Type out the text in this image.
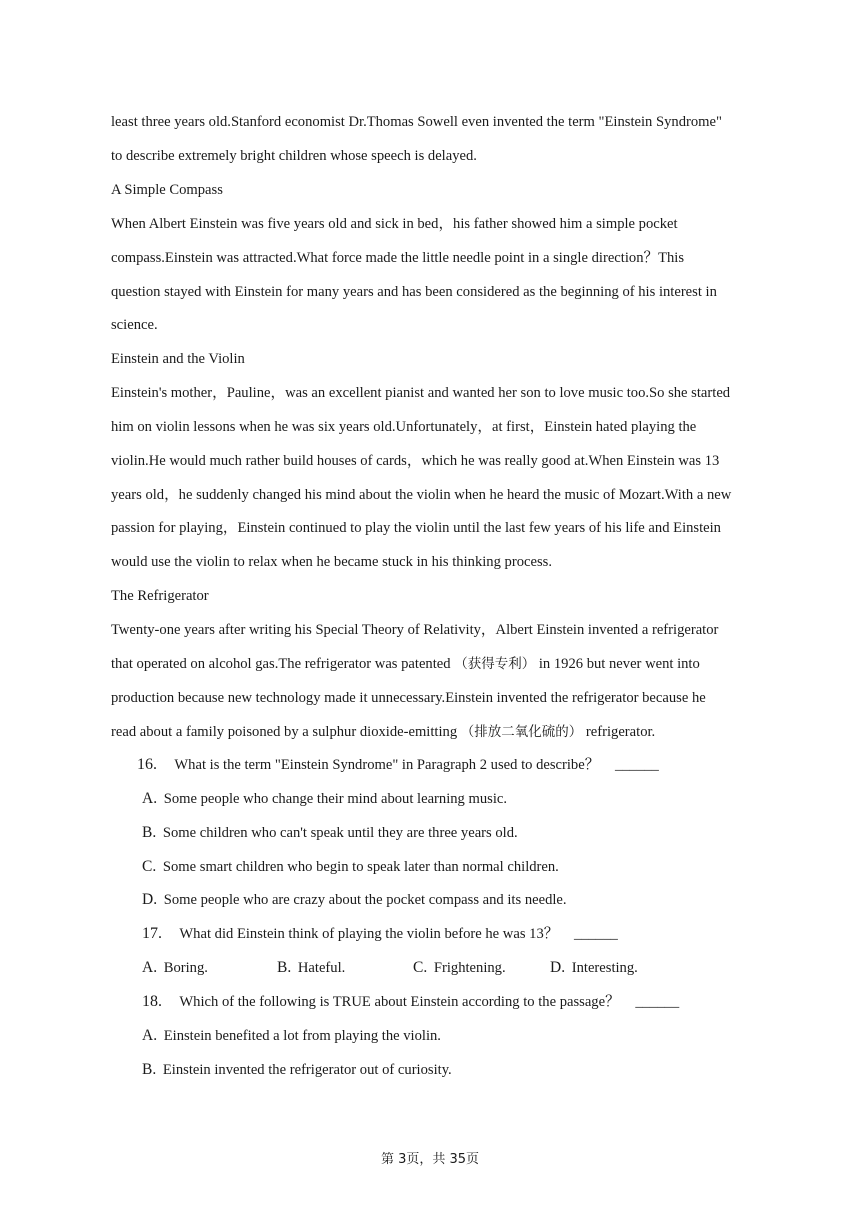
least three years old.Stanford economist Dr.Thomas Sowell even invented the term "Einstein Syndrome"
to describe extremely bright children whose speech is delayed.
A Simple Compass
When Albert Einstein was five years old and sick in bed，his father showed him a simple pocket
compass.Einstein was attracted.What force made the little needle point in a single direction？This
question stayed with Einstein for many years and has been considered as the beginning of his interest in
science.
Einstein and the Violin
Einstein's mother，Pauline，was an excellent pianist and wanted her son to love music too.So she started
him on violin lessons when he was six years old.Unfortunately，at first，Einstein hated playing the
violin.He would much rather build houses of cards，which he was really good at.When Einstein was 13
years old，he suddenly changed his mind about the violin when he heard the music of Mozart.With a new
passion for playing，Einstein continued to play the violin until the last few years of his life and Einstein
would use the violin to relax when he became stuck in his thinking process.
The Refrigerator
Twenty-one years after writing his Special Theory of Relativity，Albert Einstein invented a refrigerator
that operated on alcohol gas.The refrigerator was patented （获得专利） in 1926 but never went into
production because new technology made it unnecessary.Einstein invented the refrigerator because he
read about a family poisoned by a sulphur dioxide-emitting （排放二氧化硫的） refrigerator.
16. What is the term "Einstein Syndrome" in Paragraph 2 used to describe？ ______
A. Some people who change their mind about learning music.
B. Some children who can't speak until they are three years old.
C. Some smart children who begin to speak later than normal children.
D. Some people who are crazy about the pocket compass and its needle.
17. What did Einstein think of playing the violin before he was 13？ ______
A. Boring.	B. Hateful.	C. Frightening.	D. Interesting.
18. Which of the following is TRUE about Einstein according to the passage？ ______
A. Einstein benefited a lot from playing the violin.
B. Einstein invented the refrigerator out of curiosity.
第 3页，共 35页
